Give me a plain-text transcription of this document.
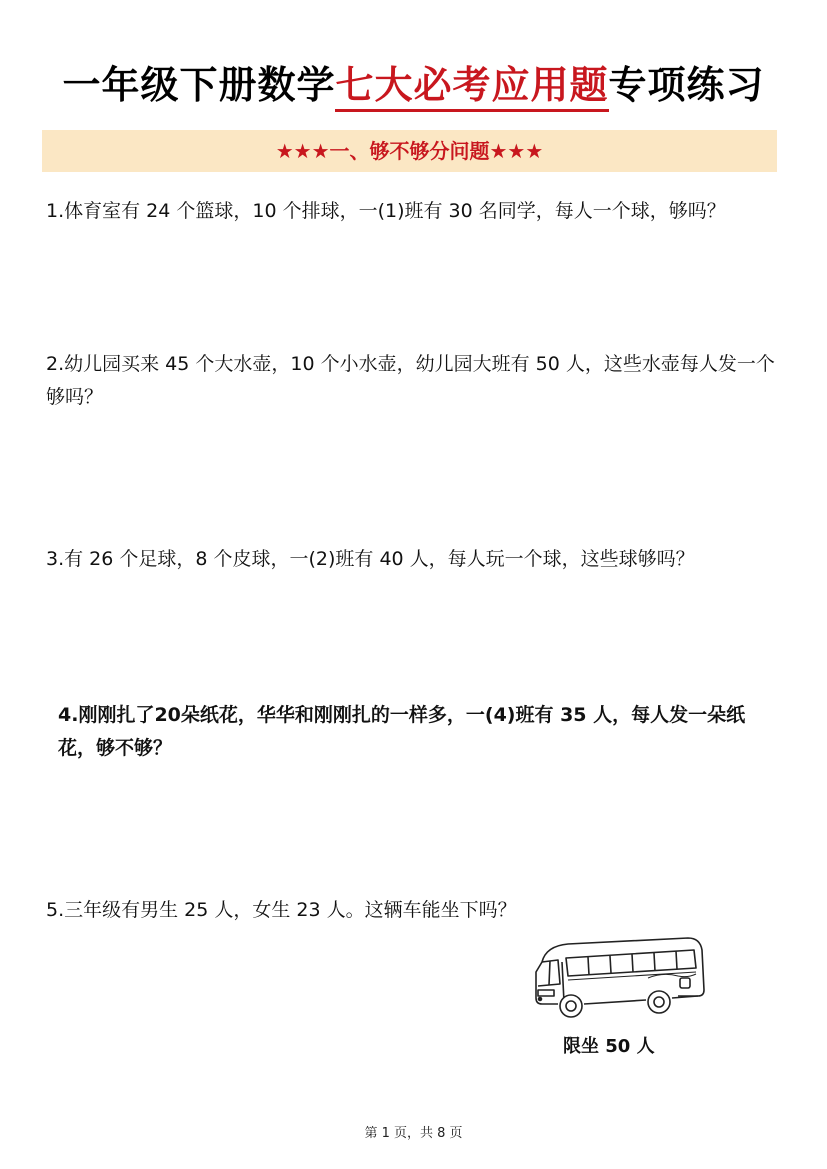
一年级下册数学七大必考应用题专项练习
★★★一、够不够分问题★★★
1.体育室有 24 个篮球，10 个排球，一(1)班有 30 名同学，每人一个球，够吗？
2.幼儿园买来 45 个大水壶，10 个小水壶，幼儿园大班有 50 人，这些水壶每人发一个够吗？
3.有 26 个足球，8 个皮球，一(2)班有 40 人，每人玩一个球，这些球够吗？
4.刚刚扎了20朵纸花，华华和刚刚扎的一样多，一(4)班有 35 人，每人发一朵纸花，够不够？
5.三年级有男生 25 人，女生 23 人。这辆车能坐下吗？
限坐 50 人
第 1 页，共 8 页
